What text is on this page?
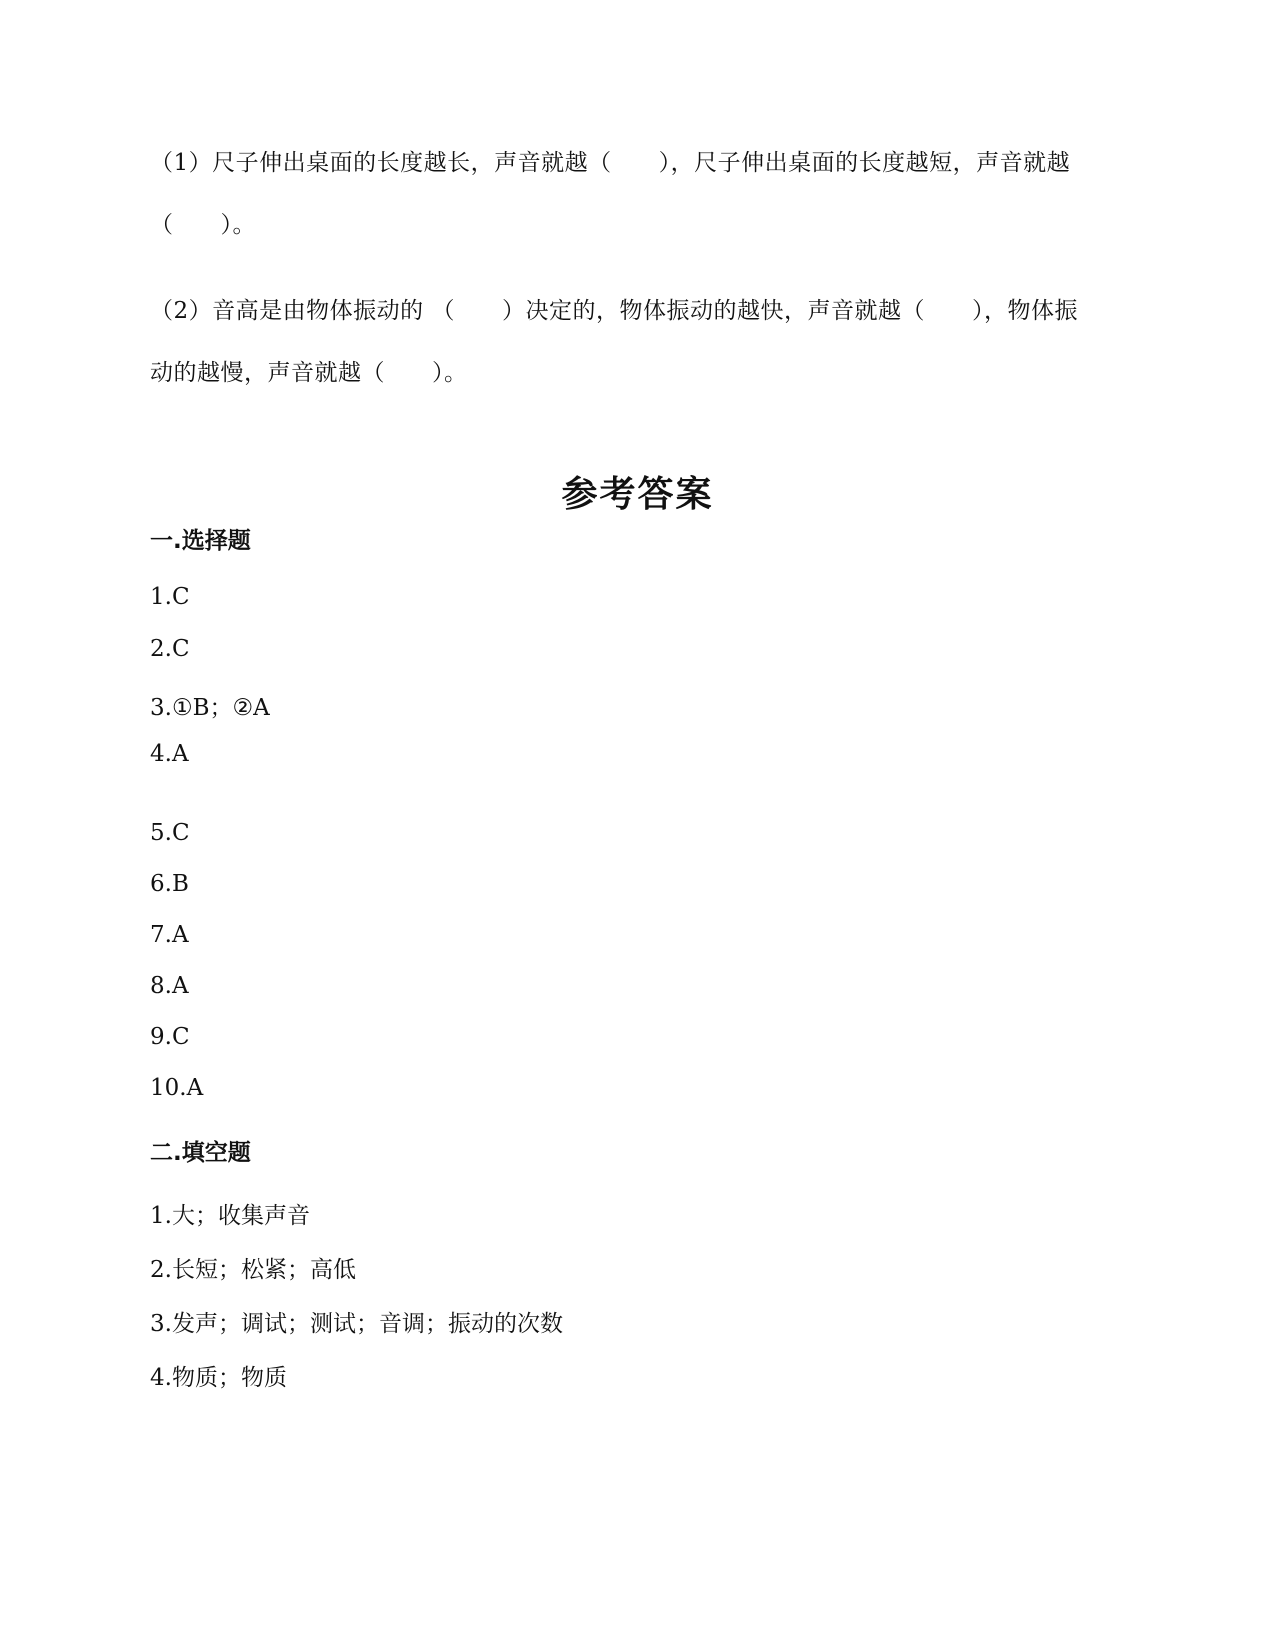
（1）尺子伸出桌面的长度越长，声音就越（　　），尺子伸出桌面的长度越短，声音就越
（　　）。
（2）音高是由物体振动的 （　　）决定的，物体振动的越快，声音就越（　　），物体振
动的越慢，声音就越（　　）。
参考答案
一.选择题
1.C
2.C
3.①B；②A
4.A
5.C
6.B
7.A
8.A
9.C
10.A
二.填空题
1.大；收集声音
2.长短；松紧；高低
3.发声；调试；测试；音调；振动的次数
4.物质；物质
